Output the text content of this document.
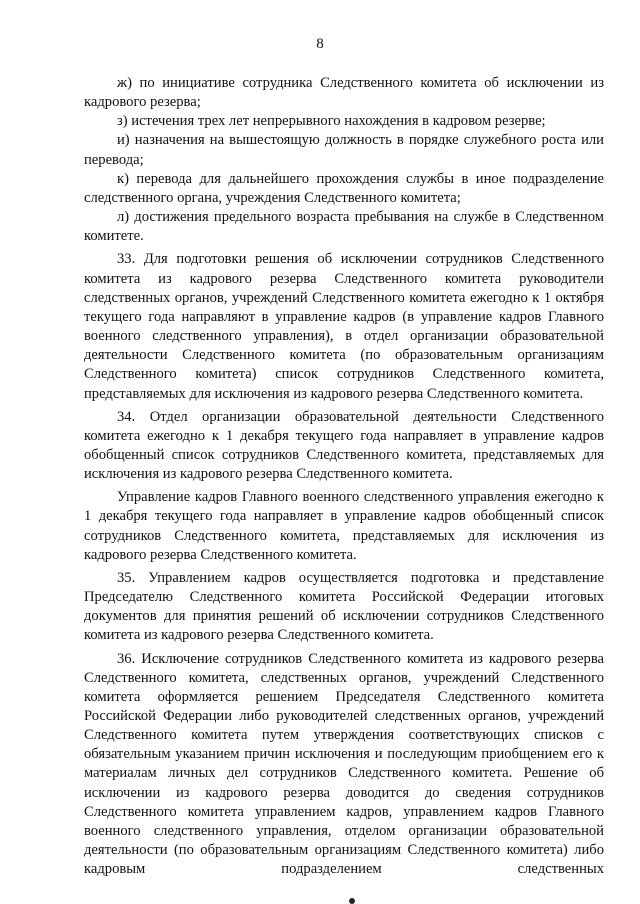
8

ж) по инициативе сотрудника Следственного комитета об исключении из кадрового резерва;

з) истечения трех лет непрерывного нахождения в кадровом резерве;

и) назначения на вышестоящую должность в порядке служебного роста или перевода;

к) перевода для дальнейшего прохождения службы в иное подразделение следственного органа, учреждения Следственного комитета;

л) достижения предельного возраста пребывания на службе в Следственном комитете.

33. Для подготовки решения об исключении сотрудников Следственного комитета из кадрового резерва Следственного комитета руководители следственных органов, учреждений Следственного комитета ежегодно к 1 октября текущего года направляют в управление кадров (в управление кадров Главного военного следственного управления), в отдел организации образовательной деятельности Следственного комитета (по образовательным организациям Следственного комитета) список сотрудников Следственного комитета, представляемых для исключения из кадрового резерва Следственного комитета.

34. Отдел организации образовательной деятельности Следственного комитета ежегодно к 1 декабря текущего года направляет в управление кадров обобщенный список сотрудников Следственного комитета, представляемых для исключения из кадрового резерва Следственного комитета.

Управление кадров Главного военного следственного управления ежегодно к 1 декабря текущего года направляет в управление кадров обобщенный список сотрудников Следственного комитета, представляемых для исключения из кадрового резерва Следственного комитета.

35. Управлением кадров осуществляется подготовка и представление Председателю Следственного комитета Российской Федерации итоговых документов для принятия решений об исключении сотрудников Следственного комитета из кадрового резерва Следственного комитета.

36. Исключение сотрудников Следственного комитета из кадрового резерва Следственного комитета, следственных органов, учреждений Следственного комитета оформляется решением Председателя Следственного комитета Российской Федерации либо руководителей следственных органов, учреждений Следственного комитета путем утверждения соответствующих списков с обязательным указанием причин исключения и последующим приобщением его к материалам личных дел сотрудников Следственного комитета. Решение об исключении из кадрового резерва доводится до сведения сотрудников Следственного комитета управлением кадров, управлением кадров Главного военного следственного управления, отделом организации образовательной деятельности (по образовательным организациям Следственного комитета) либо кадровым подразделением следственных
